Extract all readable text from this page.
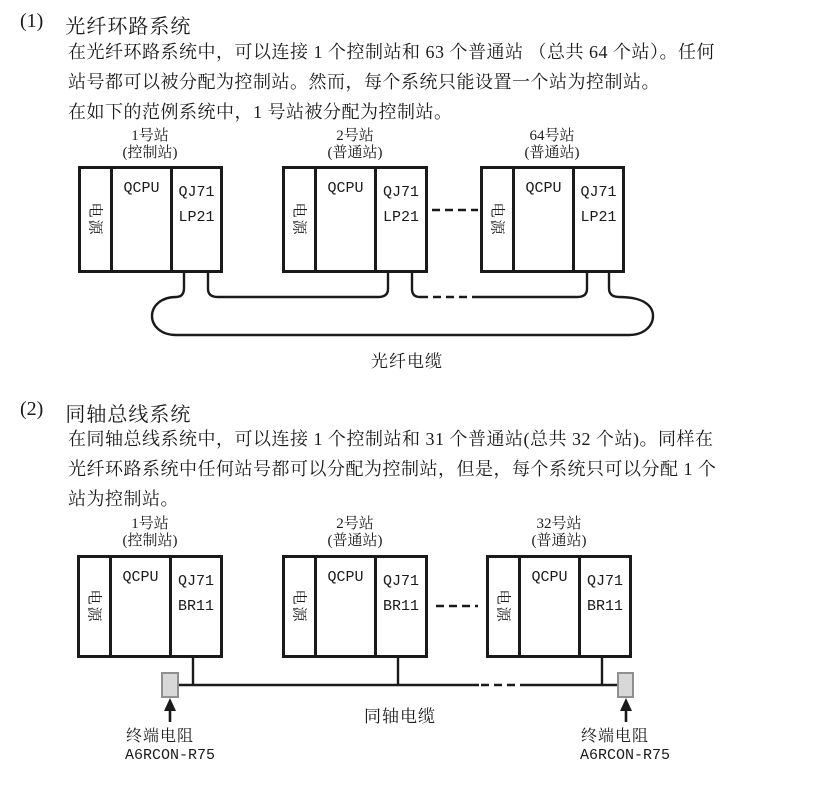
(1) 光纤环路系统
在光纤环路系统中，可以连接 1 个控制站和 63 个普通站 （总共 64 个站）。任何
站号都可以被分配为控制站。然而，每个系统只能设置一个站为控制站。
在如下的范例系统中，1 号站被分配为控制站。
1号站
(控制站)
2号站
(普通站)
64号站
(普通站)
电源
QCPU	QJ71
LP21	电源
QCPU	QJ71
LP21	电源
QCPU	QJ71
LP21
光纤电缆
(2) 同轴总线系统
在同轴总线系统中，可以连接 1 个控制站和 31 个普通站(总共 32 个站)。同样在
光纤环路系统中任何站号都可以分配为控制站，但是，每个系统只可以分配 1 个
站为控制站。
1号站
(控制站)
2号站
(普通站)
32号站
(普通站)
电源
QCPU	QJ71
BR11	电源
QCPU	QJ71
BR11	电源
QCPU	QJ71
BR11
同轴电缆
终端电阻
A6RCON-R75
终端电阻
A6RCON-R75
